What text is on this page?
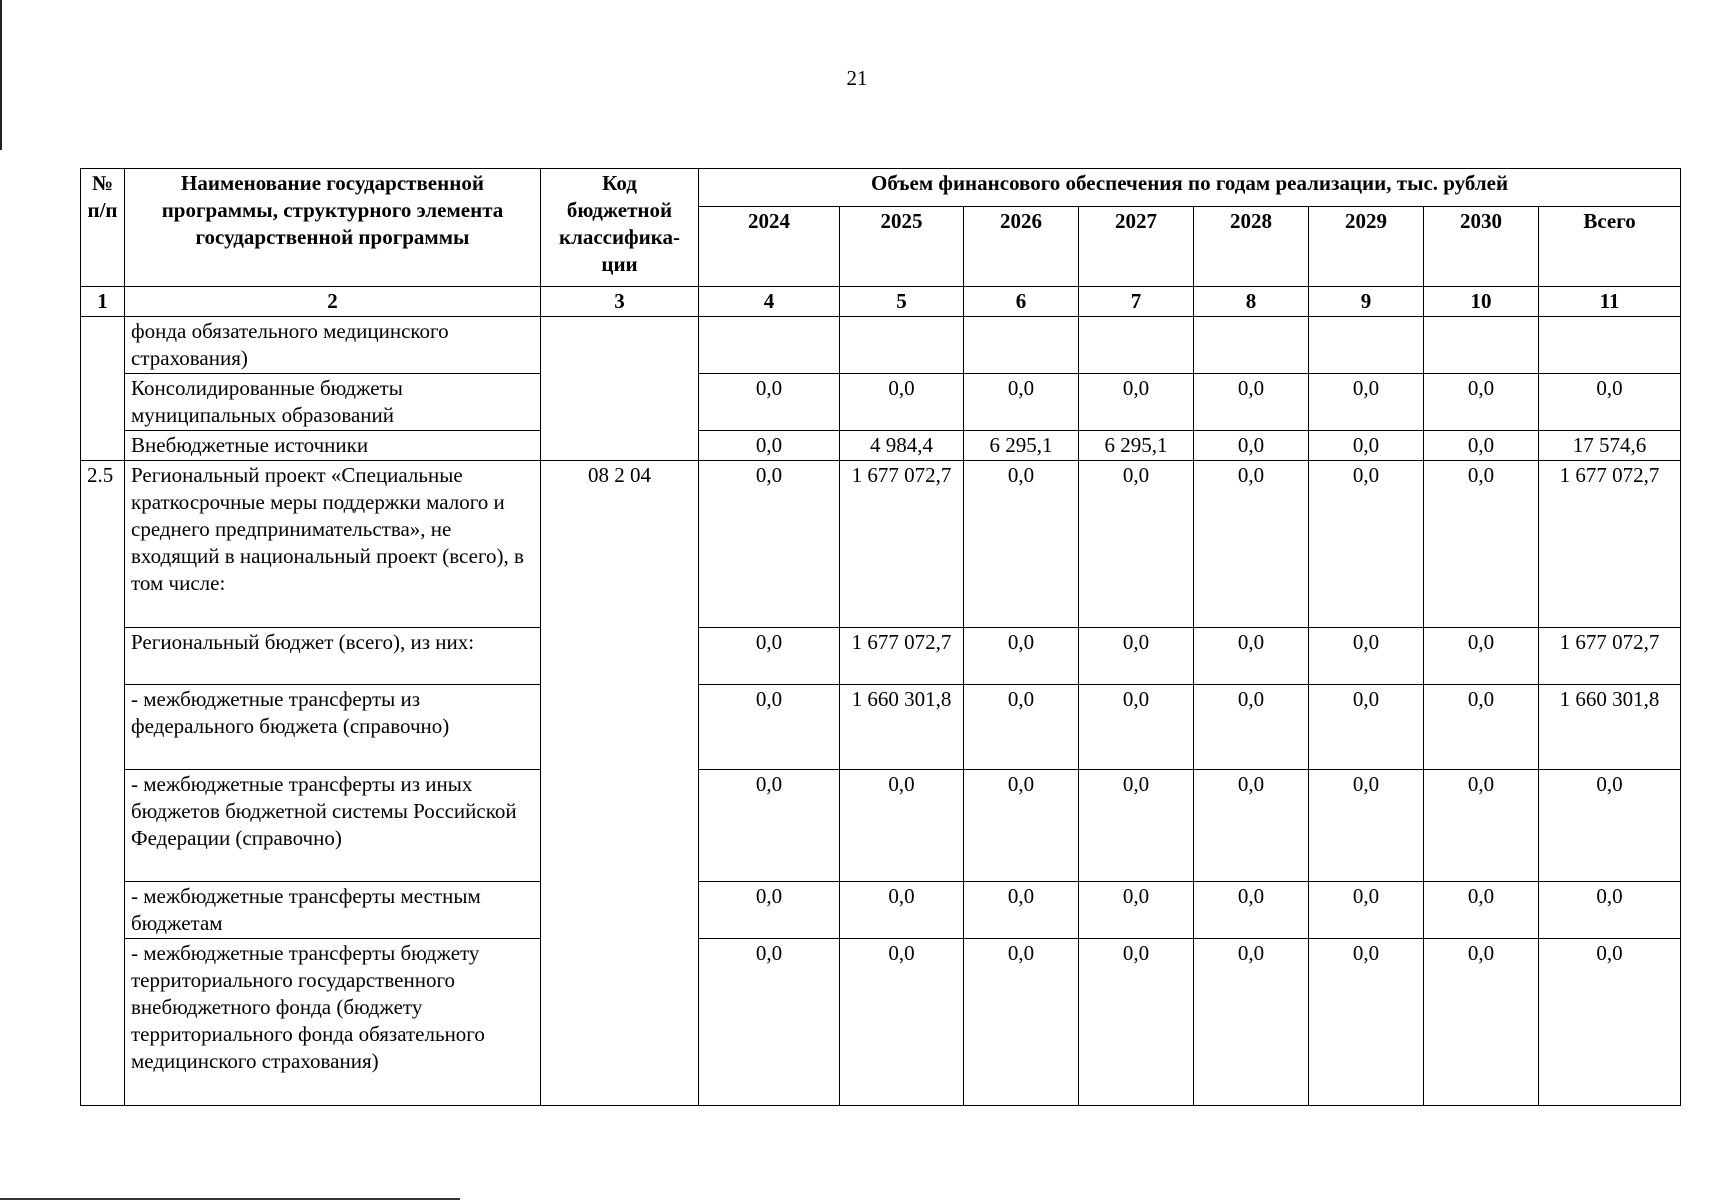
21
№ п/п	Наименование государственной программы, структурного элемента государственной программы	Код бюджетной классифика-ции	Объем финансового обеспечения по годам реализации, тыс. рублей							
			2024	2025	2026	2027	2028	2029	2030	Всего
1	2	3	4	5	6	7	8	9	10	11
	фонда обязательного медицинского страхования)									
	Консолидированные бюджеты муниципальных образований		0,0	0,0	0,0	0,0	0,0	0,0	0,0	0,0
	Внебюджетные источники		0,0	4 984,4	6 295,1	6 295,1	0,0	0,0	0,0	17 574,6
2.5	Региональный проект «Специальные краткосрочные меры поддержки малого и среднего предпринимательства», не входящий в национальный проект (всего), в том числе:	08 2 04	0,0	1 677 072,7	0,0	0,0	0,0	0,0	0,0	1 677 072,7
	Региональный бюджет (всего), из них:		0,0	1 677 072,7	0,0	0,0	0,0	0,0	0,0	1 677 072,7
	- межбюджетные трансферты из федерального бюджета (справочно)		0,0	1 660 301,8	0,0	0,0	0,0	0,0	0,0	1 660 301,8
	- межбюджетные трансферты из иных бюджетов бюджетной системы Российской Федерации (справочно)		0,0	0,0	0,0	0,0	0,0	0,0	0,0	0,0
	- межбюджетные трансферты местным бюджетам		0,0	0,0	0,0	0,0	0,0	0,0	0,0	0,0
	- межбюджетные трансферты бюджету территориального государственного внебюджетного фонда (бюджету территориального фонда обязательного медицинского страхования)		0,0	0,0	0,0	0,0	0,0	0,0	0,0	0,0
